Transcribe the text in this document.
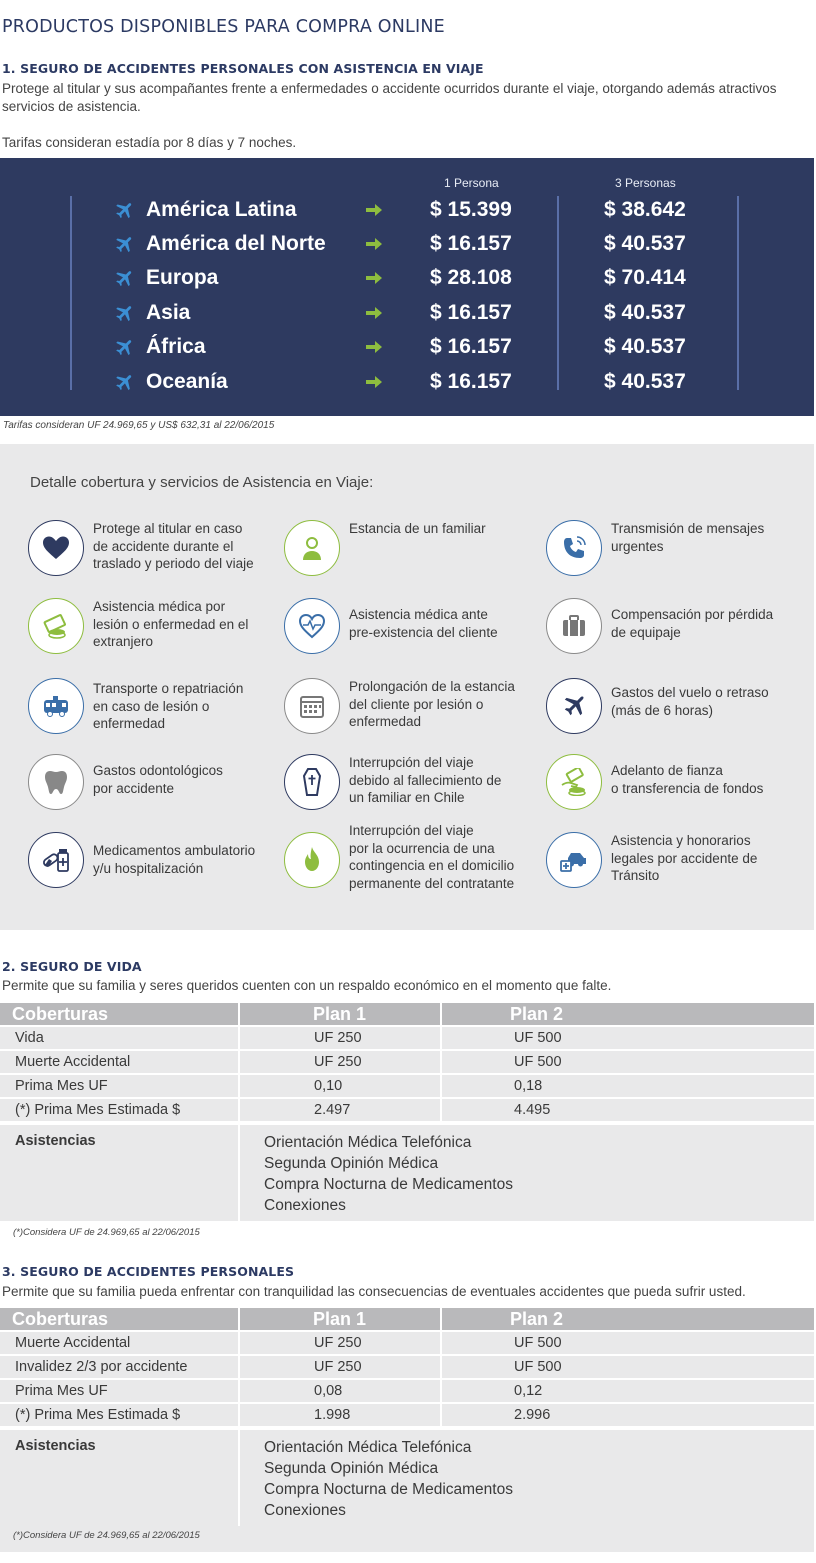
PRODUCTOS DISPONIBLES PARA COMPRA ONLINE
1. SEGURO DE ACCIDENTES PERSONALES CON ASISTENCIA EN VIAJE
Protege al titular y sus acompañantes frente a enfermedades o accidente ocurridos durante el viaje, otorgando además atractivos
servicios de asistencia.
Tarifas consideran estadía por 8 días y 7 noches.
1 Persona	3 Personas
América Latina	$ 15.399	$ 38.642
América del Norte	$ 16.157	$ 40.537
Europa	$ 28.108	$ 70.414
Asia	$ 16.157	$ 40.537
África	$ 16.157	$ 40.537
Oceanía	$ 16.157	$ 40.537
Tarifas consideran UF 24.969,65 y US$ 632,31 al 22/06/2015
Detalle cobertura y servicios de Asistencia en Viaje:
Protege al titular en caso
de accidente durante el
traslado y periodo del viaje
Estancia de un familiar	Transmisión de mensajes
urgentes
Asistencia médica por
lesión o enfermedad en el
extranjero
Asistencia médica ante
pre-existencia del cliente
Compensación por pérdida
de equipaje
Transporte o repatriación
en caso de lesión o
enfermedad
Prolongación de la estancia
del cliente por lesión o
enfermedad
Gastos del vuelo o retraso
(más de 6 horas)
Gastos odontológicos
por accidente
Interrupción del viaje
debido al fallecimiento de
un familiar en Chile
Adelanto de fianza
o transferencia de fondos
Medicamentos ambulatorio
y/u hospitalización
Interrupción del viaje
por la ocurrencia de una
contingencia en el domicilio
permanente del contratante
Asistencia y honorarios
legales por accidente de
Tránsito
2. SEGURO DE VIDA
Permite que su familia y seres queridos cuenten con un respaldo económico en el momento que falte.
Coberturas	Plan 1	Plan 2
Vida	UF 250	UF 500
Muerte Accidental	UF 250	UF 500
Prima Mes UF	0,10	0,18
(*) Prima Mes Estimada $	2.497	4.495
Asistencias	Orientación Médica Telefónica
Segunda Opinión Médica
Compra Nocturna de Medicamentos
Conexiones
(*)Considera UF de 24.969,65 al 22/06/2015
3. SEGURO DE ACCIDENTES PERSONALES
Permite que su familia pueda enfrentar con tranquilidad las consecuencias de eventuales accidentes que pueda sufrir usted.
Coberturas	Plan 1	Plan 2
Muerte Accidental	UF 250	UF 500
Invalidez 2/3 por accidente	UF 250	UF 500
Prima Mes UF	0,08	0,12
(*) Prima Mes Estimada $	1.998	2.996
Asistencias	Orientación Médica Telefónica
Segunda Opinión Médica
Compra Nocturna de Medicamentos
Conexiones
(*)Considera UF de 24.969,65 al 22/06/2015
